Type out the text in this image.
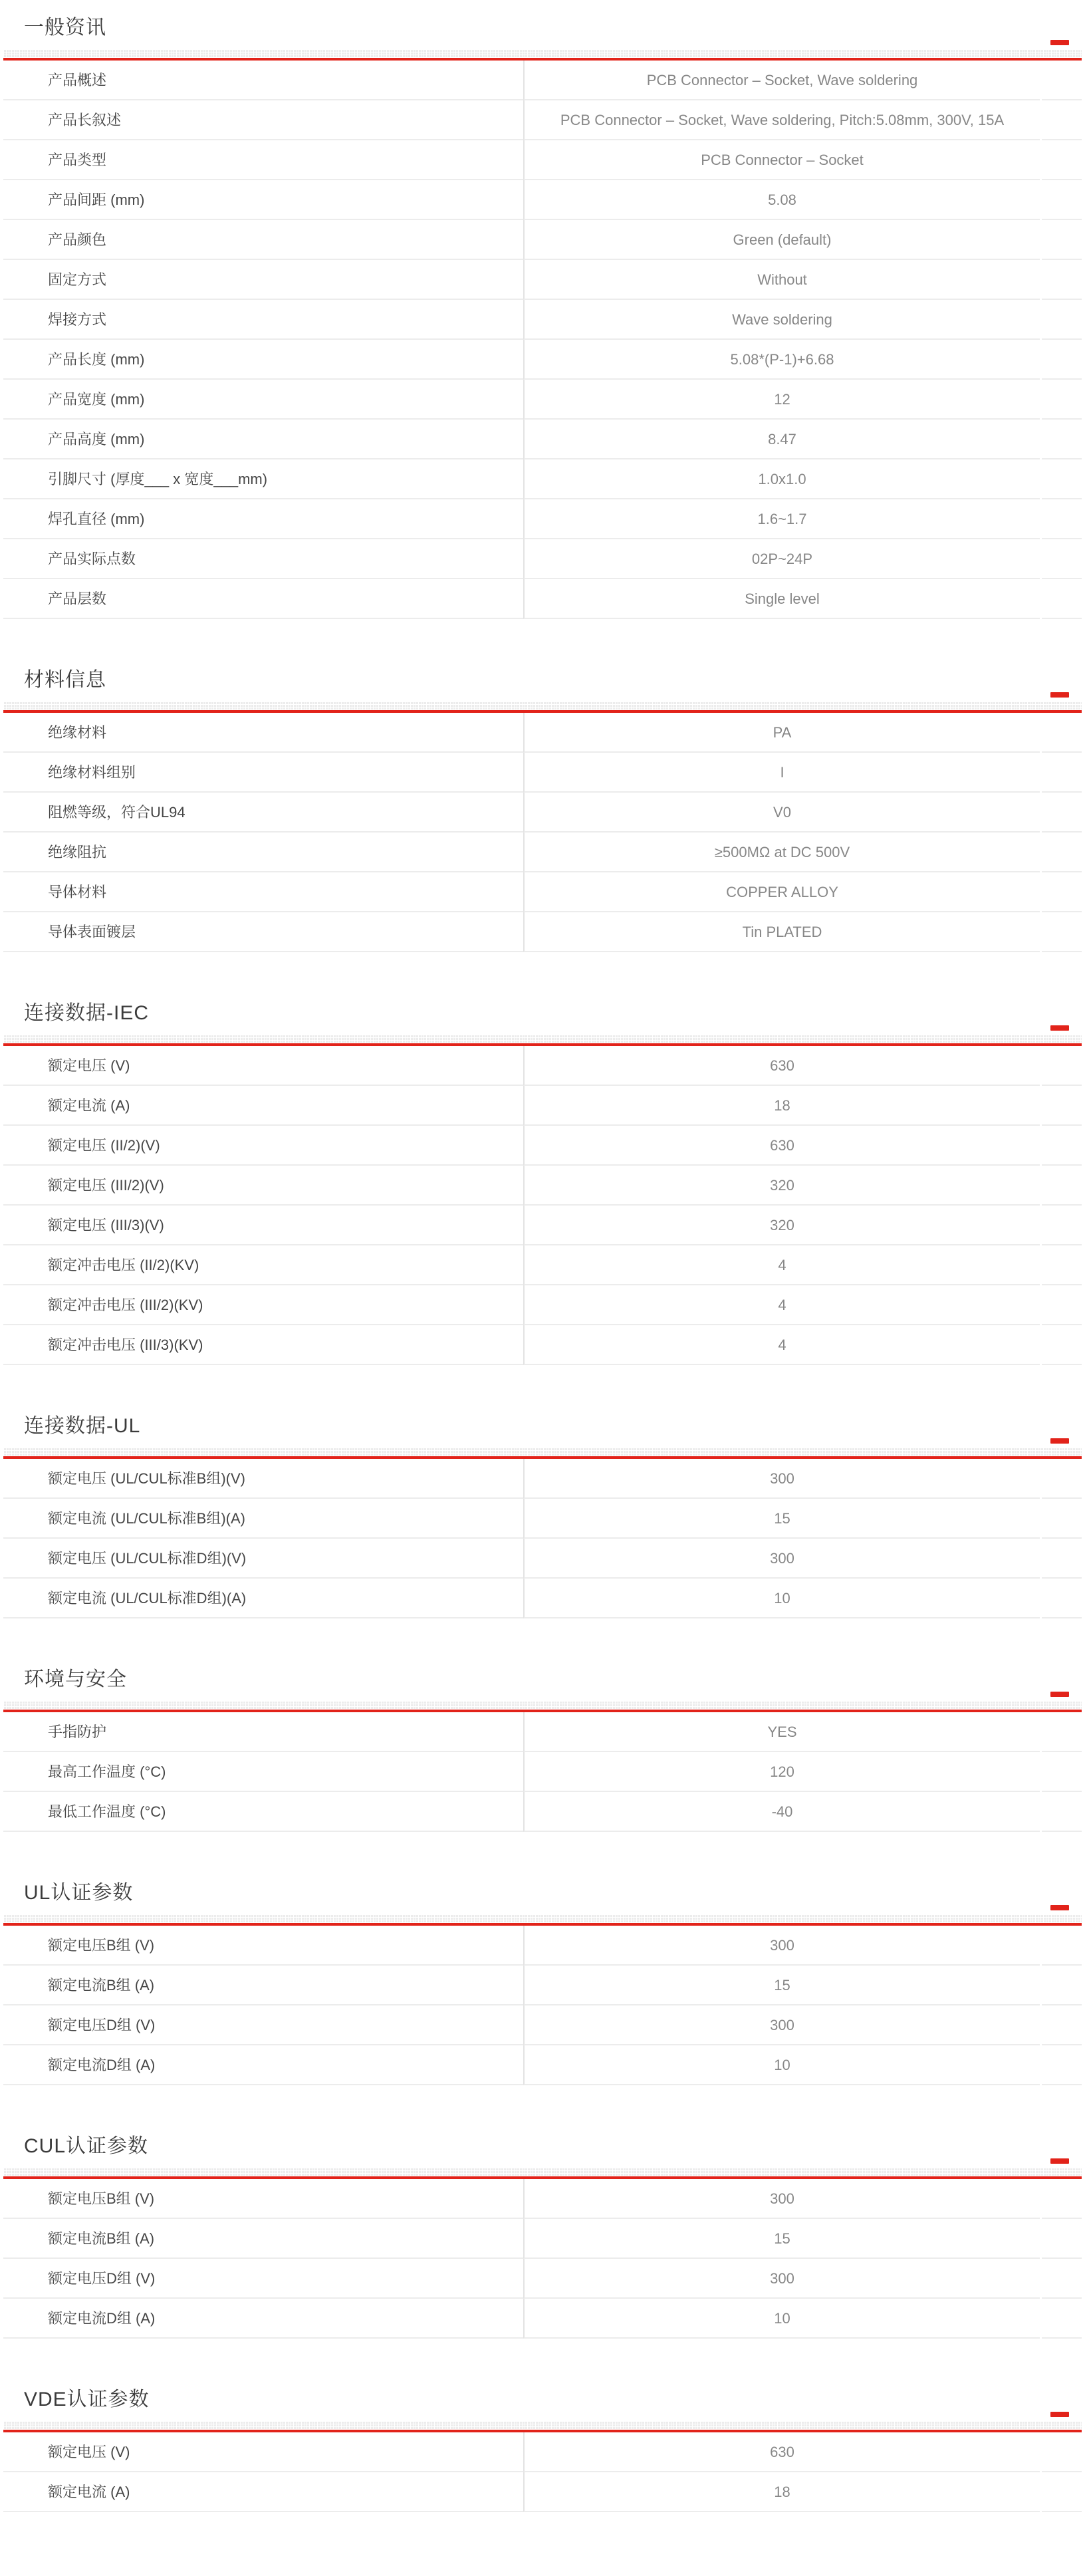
一般资讯
产品概述	PCB Connector – Socket, Wave soldering
产品长叙述	PCB Connector – Socket, Wave soldering, Pitch:5.08mm, 300V, 15A
产品类型	PCB Connector – Socket
产品间距 (mm)	5.08
产品颜色	Green (default)
固定方式	Without
焊接方式	Wave soldering
产品长度 (mm)	5.08*(P-1)+6.68
产品宽度 (mm)	12
产品高度 (mm)	8.47
引脚尺寸 (厚度___ x 宽度___mm)	1.0x1.0
焊孔直径 (mm)	1.6~1.7
产品实际点数	02P~24P
产品层数	Single level
材料信息
绝缘材料	PA
绝缘材料组别	I
阻燃等级，符合UL94	V0
绝缘阻抗	≥500MΩ at DC 500V
导体材料	COPPER ALLOY
导体表面镀层	Tin PLATED
连接数据-IEC
额定电压 (V)	630
额定电流 (A)	18
额定电压 (II/2)(V)	630
额定电压 (III/2)(V)	320
额定电压 (III/3)(V)	320
额定冲击电压 (II/2)(KV)	4
额定冲击电压 (III/2)(KV)	4
额定冲击电压 (III/3)(KV)	4
连接数据-UL
额定电压 (UL/CUL标准B组)(V)	300
额定电流 (UL/CUL标准B组)(A)	15
额定电压 (UL/CUL标准D组)(V)	300
额定电流 (UL/CUL标准D组)(A)	10
环境与安全
手指防护	YES
最高工作温度 (°C)	120
最低工作温度 (°C)	-40
UL认证参数
额定电压B组 (V)	300
额定电流B组 (A)	15
额定电压D组 (V)	300
额定电流D组 (A)	10
CUL认证参数
额定电压B组 (V)	300
额定电流B组 (A)	15
额定电压D组 (V)	300
额定电流D组 (A)	10
VDE认证参数
额定电压 (V)	630
额定电流 (A)	18
